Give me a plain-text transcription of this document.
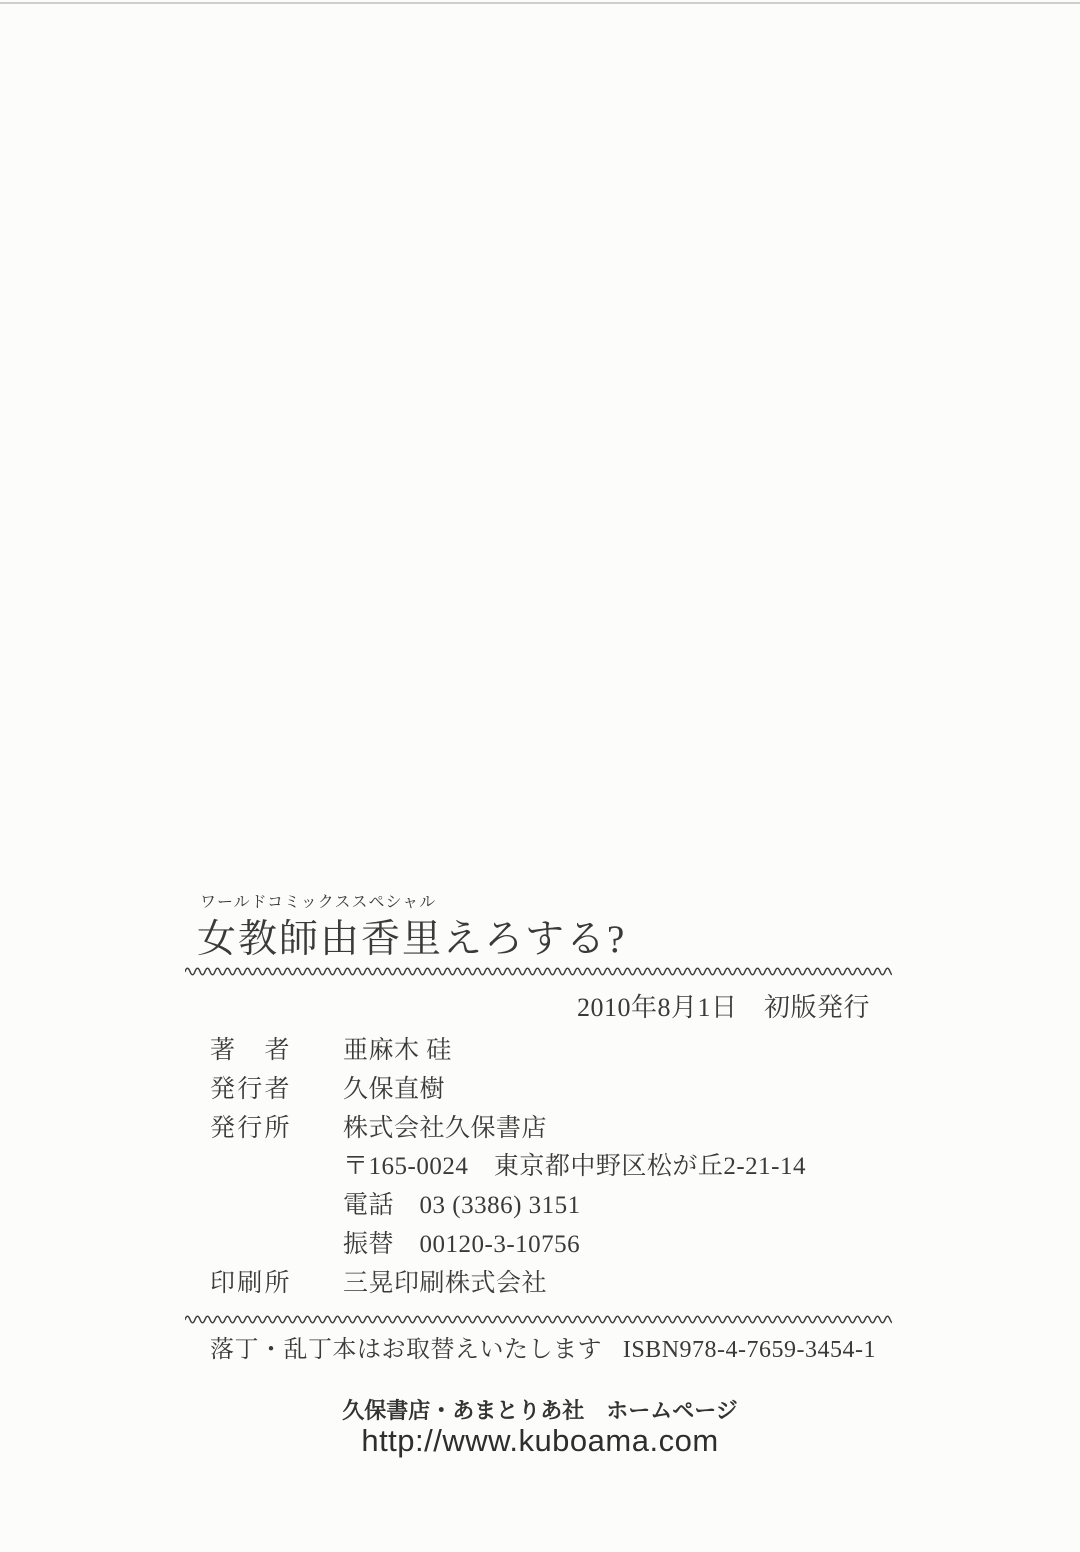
ワールドコミックススペシャル
女教師由香里えろする?
2010年8月1日　初版発行
著　者 亜麻木 硅
発行者 久保直樹
発行所 株式会社久保書店
〒165-0024　東京都中野区松が丘2-21-14
電話　03 (3386) 3151
振替　00120-3-10756
印刷所 三晃印刷株式会社
落丁・乱丁本はお取替えいたします ISBN978-4-7659-3454-1
久保書店・あまとりあ社　ホームページ
http://www.kuboama.com
